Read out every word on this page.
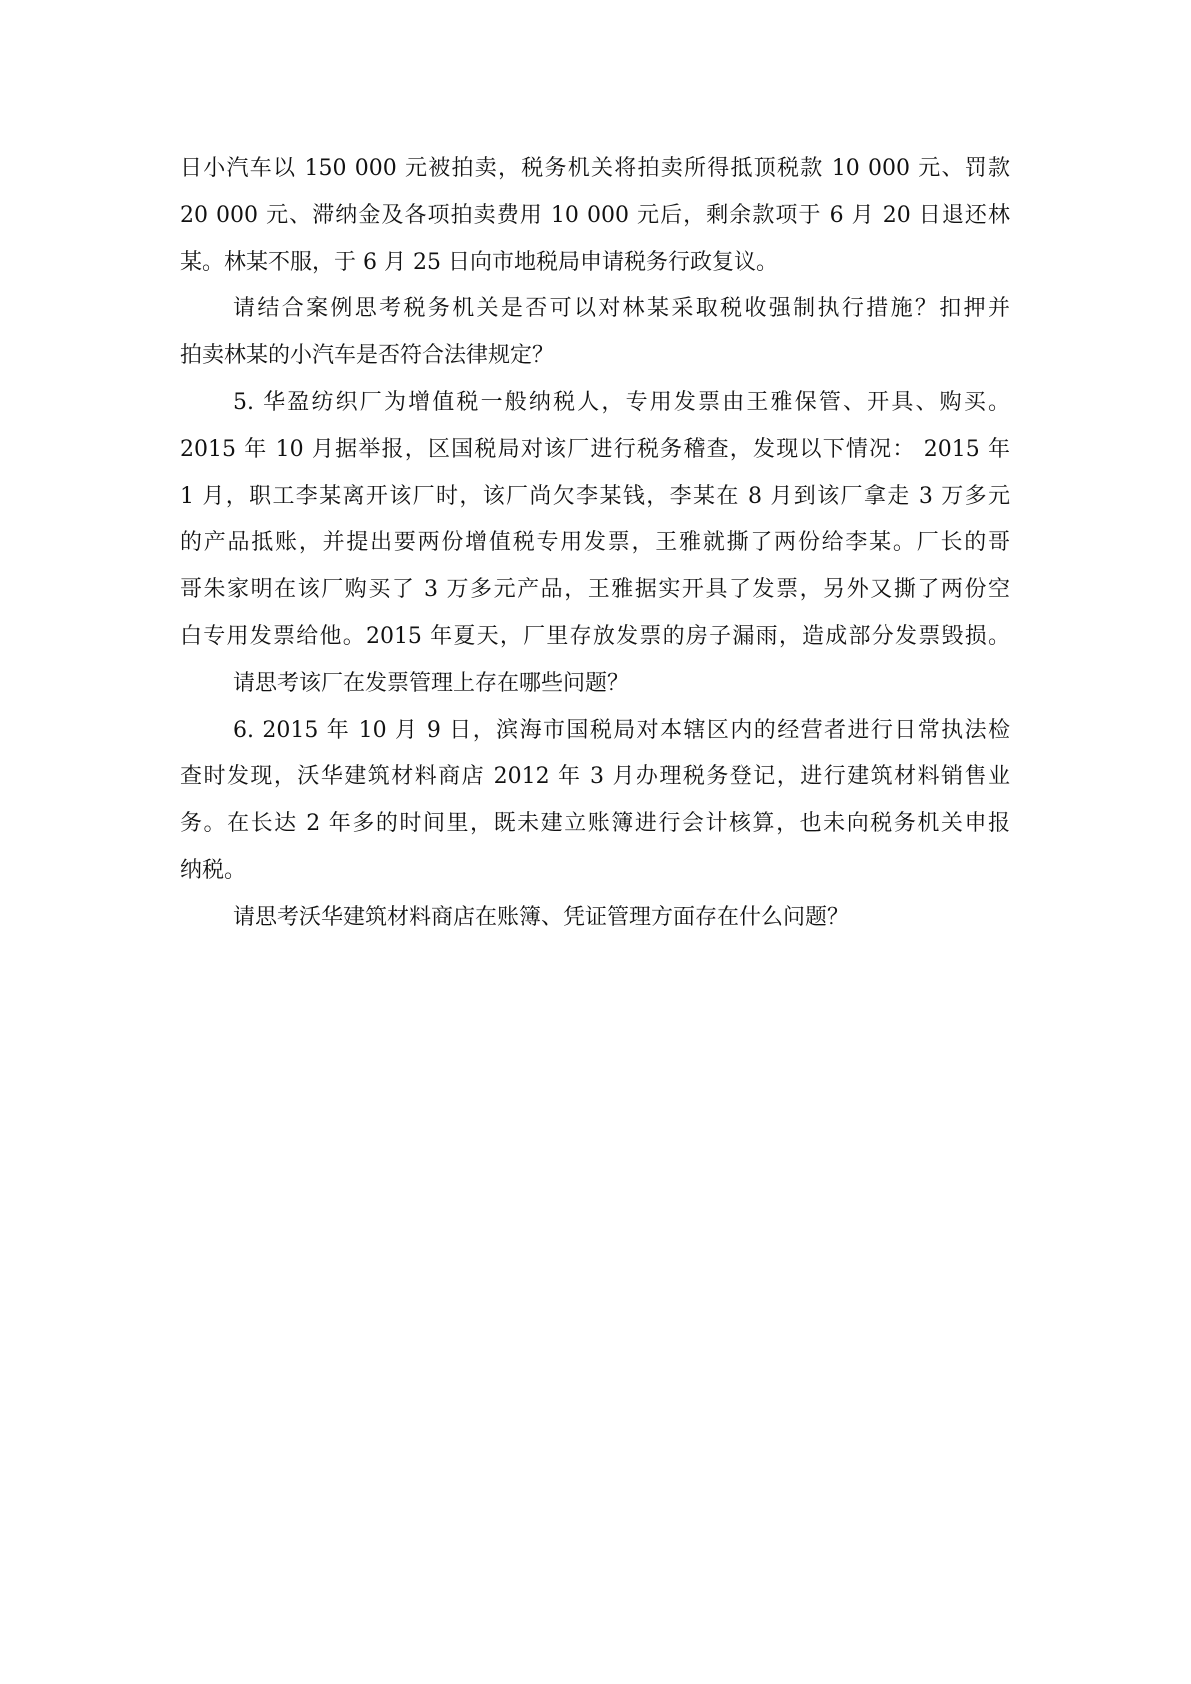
日小汽车以 150 000 元被拍卖，税务机关将拍卖所得抵顶税款 10 000 元、罚款
20 000 元、滞纳金及各项拍卖费用 10 000 元后，剩余款项于 6 月 20 日退还林
某。林某不服，于 6 月 25 日向市地税局申请税务行政复议。
请结合案例思考税务机关是否可以对林某采取税收强制执行措施？扣押并
拍卖林某的小汽车是否符合法律规定？
5. 华盈纺织厂为增值税一般纳税人，专用发票由王雅保管、开具、购买。
2015 年 10 月据举报，区国税局对该厂进行税务稽查，发现以下情况： 2015 年
1 月，职工李某离开该厂时，该厂尚欠李某钱，李某在 8 月到该厂拿走 3 万多元
的产品抵账，并提出要两份增值税专用发票，王雅就撕了两份给李某。厂长的哥
哥朱家明在该厂购买了 3 万多元产品，王雅据实开具了发票，另外又撕了两份空
白专用发票给他。2015 年夏天，厂里存放发票的房子漏雨，造成部分发票毁损。
请思考该厂在发票管理上存在哪些问题？
6. 2015 年 10 月 9 日，滨海市国税局对本辖区内的经营者进行日常执法检
查时发现，沃华建筑材料商店 2012 年 3 月办理税务登记，进行建筑材料销售业
务。在长达 2 年多的时间里，既未建立账簿进行会计核算，也未向税务机关申报
纳税。
请思考沃华建筑材料商店在账簿、凭证管理方面存在什么问题？
